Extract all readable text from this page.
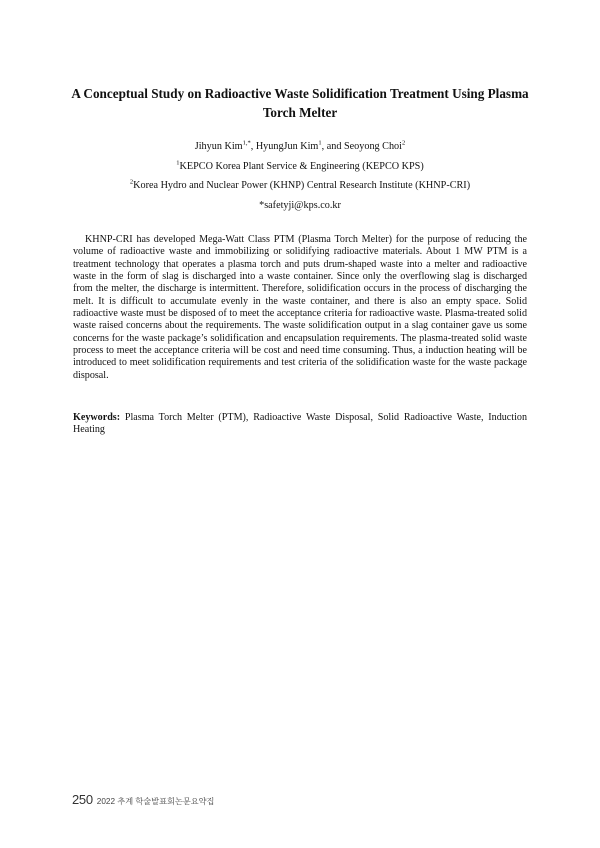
A Conceptual Study on Radioactive Waste Solidification Treatment Using Plasma Torch Melter
Jihyun Kim$^{1,*}$, HyungJun Kim$^1$, and Seoyong Choi$^2$
$^1$KEPCO Korea Plant Service & Engineering (KEPCO KPS)
$^2$Korea Hydro and Nuclear Power (KHNP) Central Research Institute (KHNP-CRI)
*safetyji@kps.co.kr

KHNP-CRI has developed Mega-Watt Class PTM (Plasma Torch Melter) for the purpose of reducing the volume of radioactive waste and immobilizing or solidifying radioactive materials. About 1 MW PTM is a treatment technology that operates a plasma torch and puts drum-shaped waste into a melter and radioactive waste in the form of slag is discharged into a waste container. Since only the overflowing slag is discharged from the melter, the discharge is intermittent. Therefore, solidification occurs in the process of discharging the melt. It is difficult to accumulate evenly in the waste container, and there is also an empty space. Solid radioactive waste must be disposed of to meet the acceptance criteria for radioactive waste. Plasma-treated solid waste raised concerns about the requirements. The waste solidification output in a slag container gave us some concerns for the waste package’s solidification and encapsulation requirements. The plasma-treated solid waste process to meet the acceptance criteria will be cost and need time consuming. Thus, a induction heating will be introduced to meet solidification requirements and test criteria of the solidification waste for the waste package disposal.

Keywords: Plasma Torch Melter (PTM), Radioactive Waste Disposal, Solid Radioactive Waste, Induction Heating

250 2022 추계 학술발표회논문요약집
